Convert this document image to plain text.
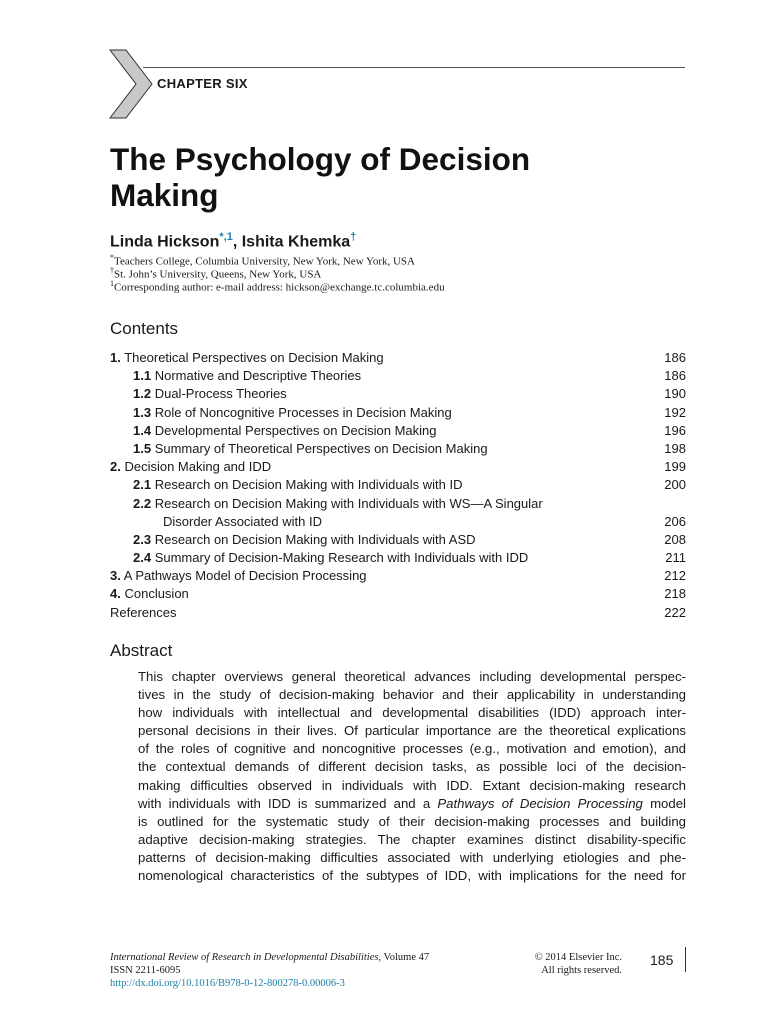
CHAPTER SIX
The Psychology of Decision
Making
Linda Hickson$^{*,1}$, Ishita Khemka†
*Teachers College, Columbia University, New York, New York, USA
†St. John’s University, Queens, New York, USA
$^1$Corresponding author: e-mail address: hickson@exchange.tc.columbia.edu
Contents
1. Theoretical Perspectives on Decision Making	186
1.1 Normative and Descriptive Theories	186
1.2 Dual-Process Theories	190
1.3 Role of Noncognitive Processes in Decision Making	192
1.4 Developmental Perspectives on Decision Making	196
1.5 Summary of Theoretical Perspectives on Decision Making	198
2. Decision Making and IDD	199
2.1 Research on Decision Making with Individuals with ID	200
2.2 Research on Decision Making with Individuals with WS—A Singular
Disorder Associated with ID	206
2.3 Research on Decision Making with Individuals with ASD	208
2.4 Summary of Decision-Making Research with Individuals with IDD	211
3. A Pathways Model of Decision Processing	212
4. Conclusion	218
References	222
Abstract
This chapter overviews general theoretical advances including developmental perspec-
tives in the study of decision-making behavior and their applicability in understanding
how individuals with intellectual and developmental disabilities (IDD) approach inter-
personal decisions in their lives. Of particular importance are the theoretical explications
of the roles of cognitive and noncognitive processes (e.g., motivation and emotion), and
the contextual demands of different decision tasks, as possible loci of the decision-
making difficulties observed in individuals with IDD. Extant decision-making research
with individuals with IDD is summarized and a Pathways of Decision Processing model
is outlined for the systematic study of their decision-making processes and building
adaptive decision-making strategies. The chapter examines distinct disability-specific
patterns of decision-making difficulties associated with underlying etiologies and phe-
nomenological characteristics of the subtypes of IDD, with implications for the need for
International Review of Research in Developmental Disabilities, Volume 47
ISSN 2211-6095
http://dx.doi.org/10.1016/B978-0-12-800278-0.00006-3
© 2014 Elsevier Inc.
All rights reserved.
185
